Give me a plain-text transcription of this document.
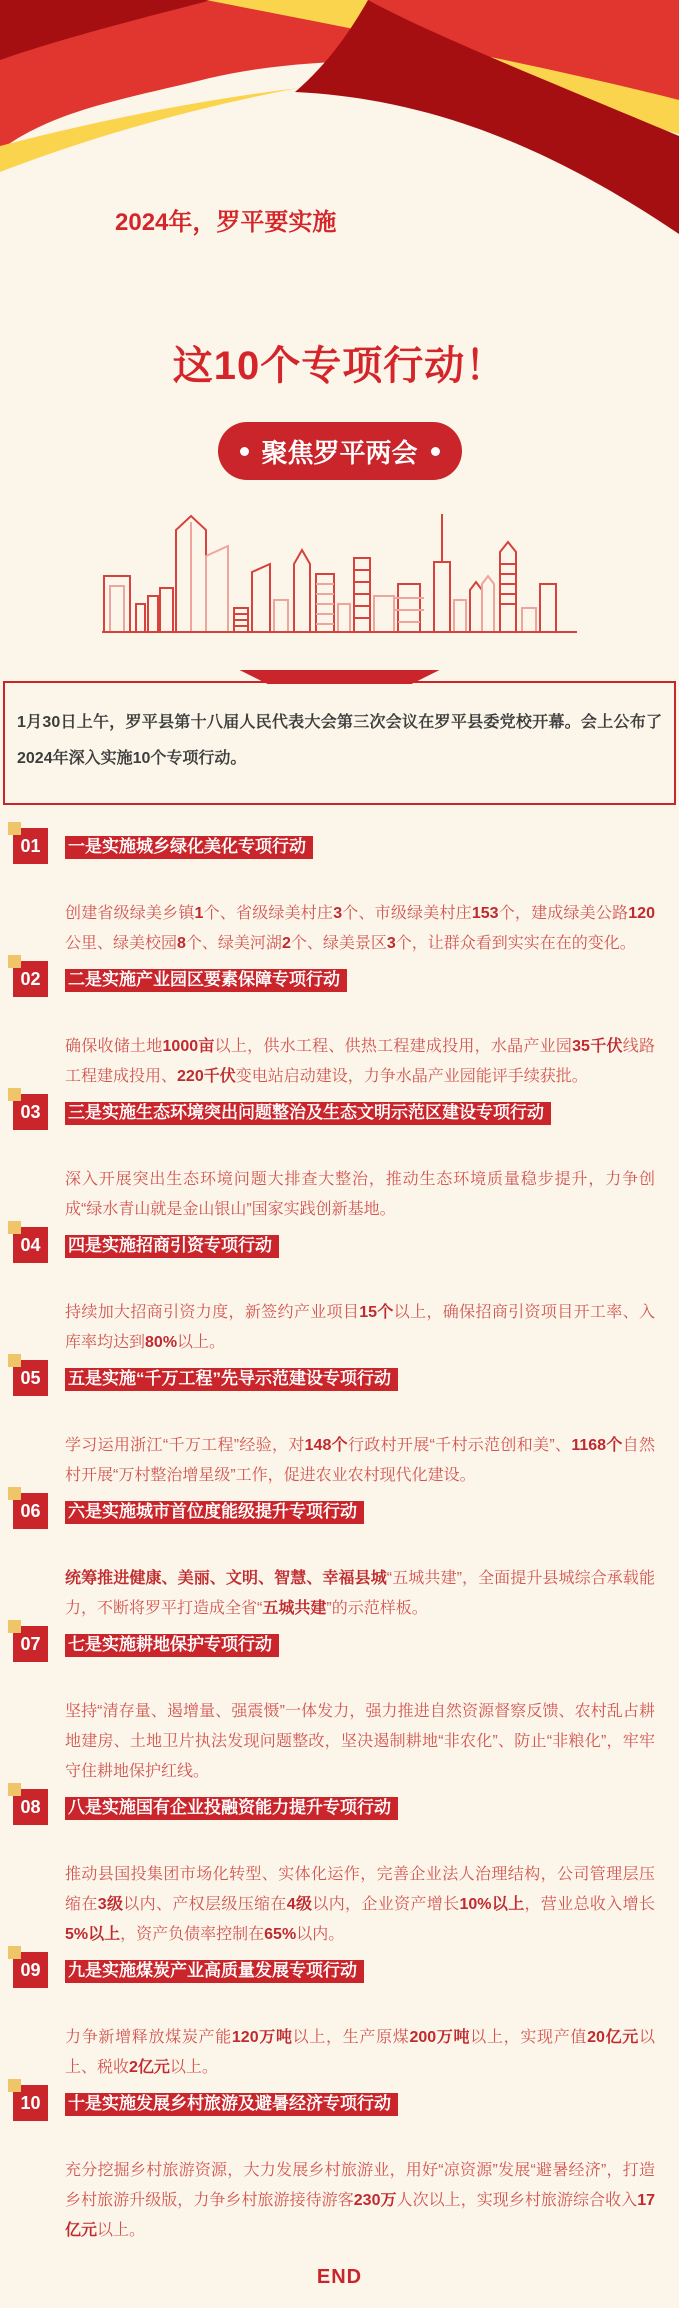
2024年，罗平要实施
这10个专项行动！
聚焦罗平两会

1月30日上午，罗平县第十八届人民代表大会第三次会议在罗平县委党校开幕。会上公布了2024年深入实施10个专项行动。

01	一是实施城乡绿化美化专项行动

创建省级绿美乡镇1个、省级绿美村庄3个、市级绿美村庄153个，建成绿美公路120公里、绿美校园8个、绿美河湖2个、绿美景区3个，让群众看到实实在在的变化。

02	二是实施产业园区要素保障专项行动

确保收储土地1000亩以上，供水工程、供热工程建成投用，水晶产业园35千伏线路工程建成投用、220千伏变电站启动建设，力争水晶产业园能评手续获批。

03	三是实施生态环境突出问题整治及生态文明示范区建设专项行动

深入开展突出生态环境问题大排查大整治，推动生态环境质量稳步提升，力争创成“绿水青山就是金山银山”国家实践创新基地。

04	四是实施招商引资专项行动

持续加大招商引资力度，新签约产业项目15个以上，确保招商引资项目开工率、入库率均达到80%以上。

05	五是实施“千万工程”先导示范建设专项行动

学习运用浙江“千万工程”经验，对148个行政村开展“千村示范创和美”、1168个自然村开展“万村整治增星级”工作，促进农业农村现代化建设。

06	六是实施城市首位度能级提升专项行动

统筹推进健康、美丽、文明、智慧、幸福县城“五城共建”，全面提升县城综合承载能力，不断将罗平打造成全省“五城共建”的示范样板。

07	七是实施耕地保护专项行动

坚持“清存量、遏增量、强震慑”一体发力，强力推进自然资源督察反馈、农村乱占耕地建房、土地卫片执法发现问题整改，坚决遏制耕地“非农化”、防止“非粮化”，牢牢守住耕地保护红线。

08	八是实施国有企业投融资能力提升专项行动

推动县国投集团市场化转型、实体化运作，完善企业法人治理结构，公司管理层压缩在3级以内、产权层级压缩在4级以内，企业资产增长10%以上，营业总收入增长5%以上，资产负债率控制在65%以内。

09	九是实施煤炭产业高质量发展专项行动

力争新增释放煤炭产能120万吨以上，生产原煤200万吨以上，实现产值20亿元以上、税收2亿元以上。

10	十是实施发展乡村旅游及避暑经济专项行动

充分挖掘乡村旅游资源，大力发展乡村旅游业，用好“凉资源”发展“避暑经济”，打造乡村旅游升级版，力争乡村旅游接待游客230万人次以上，实现乡村旅游综合收入17亿元以上。

END
